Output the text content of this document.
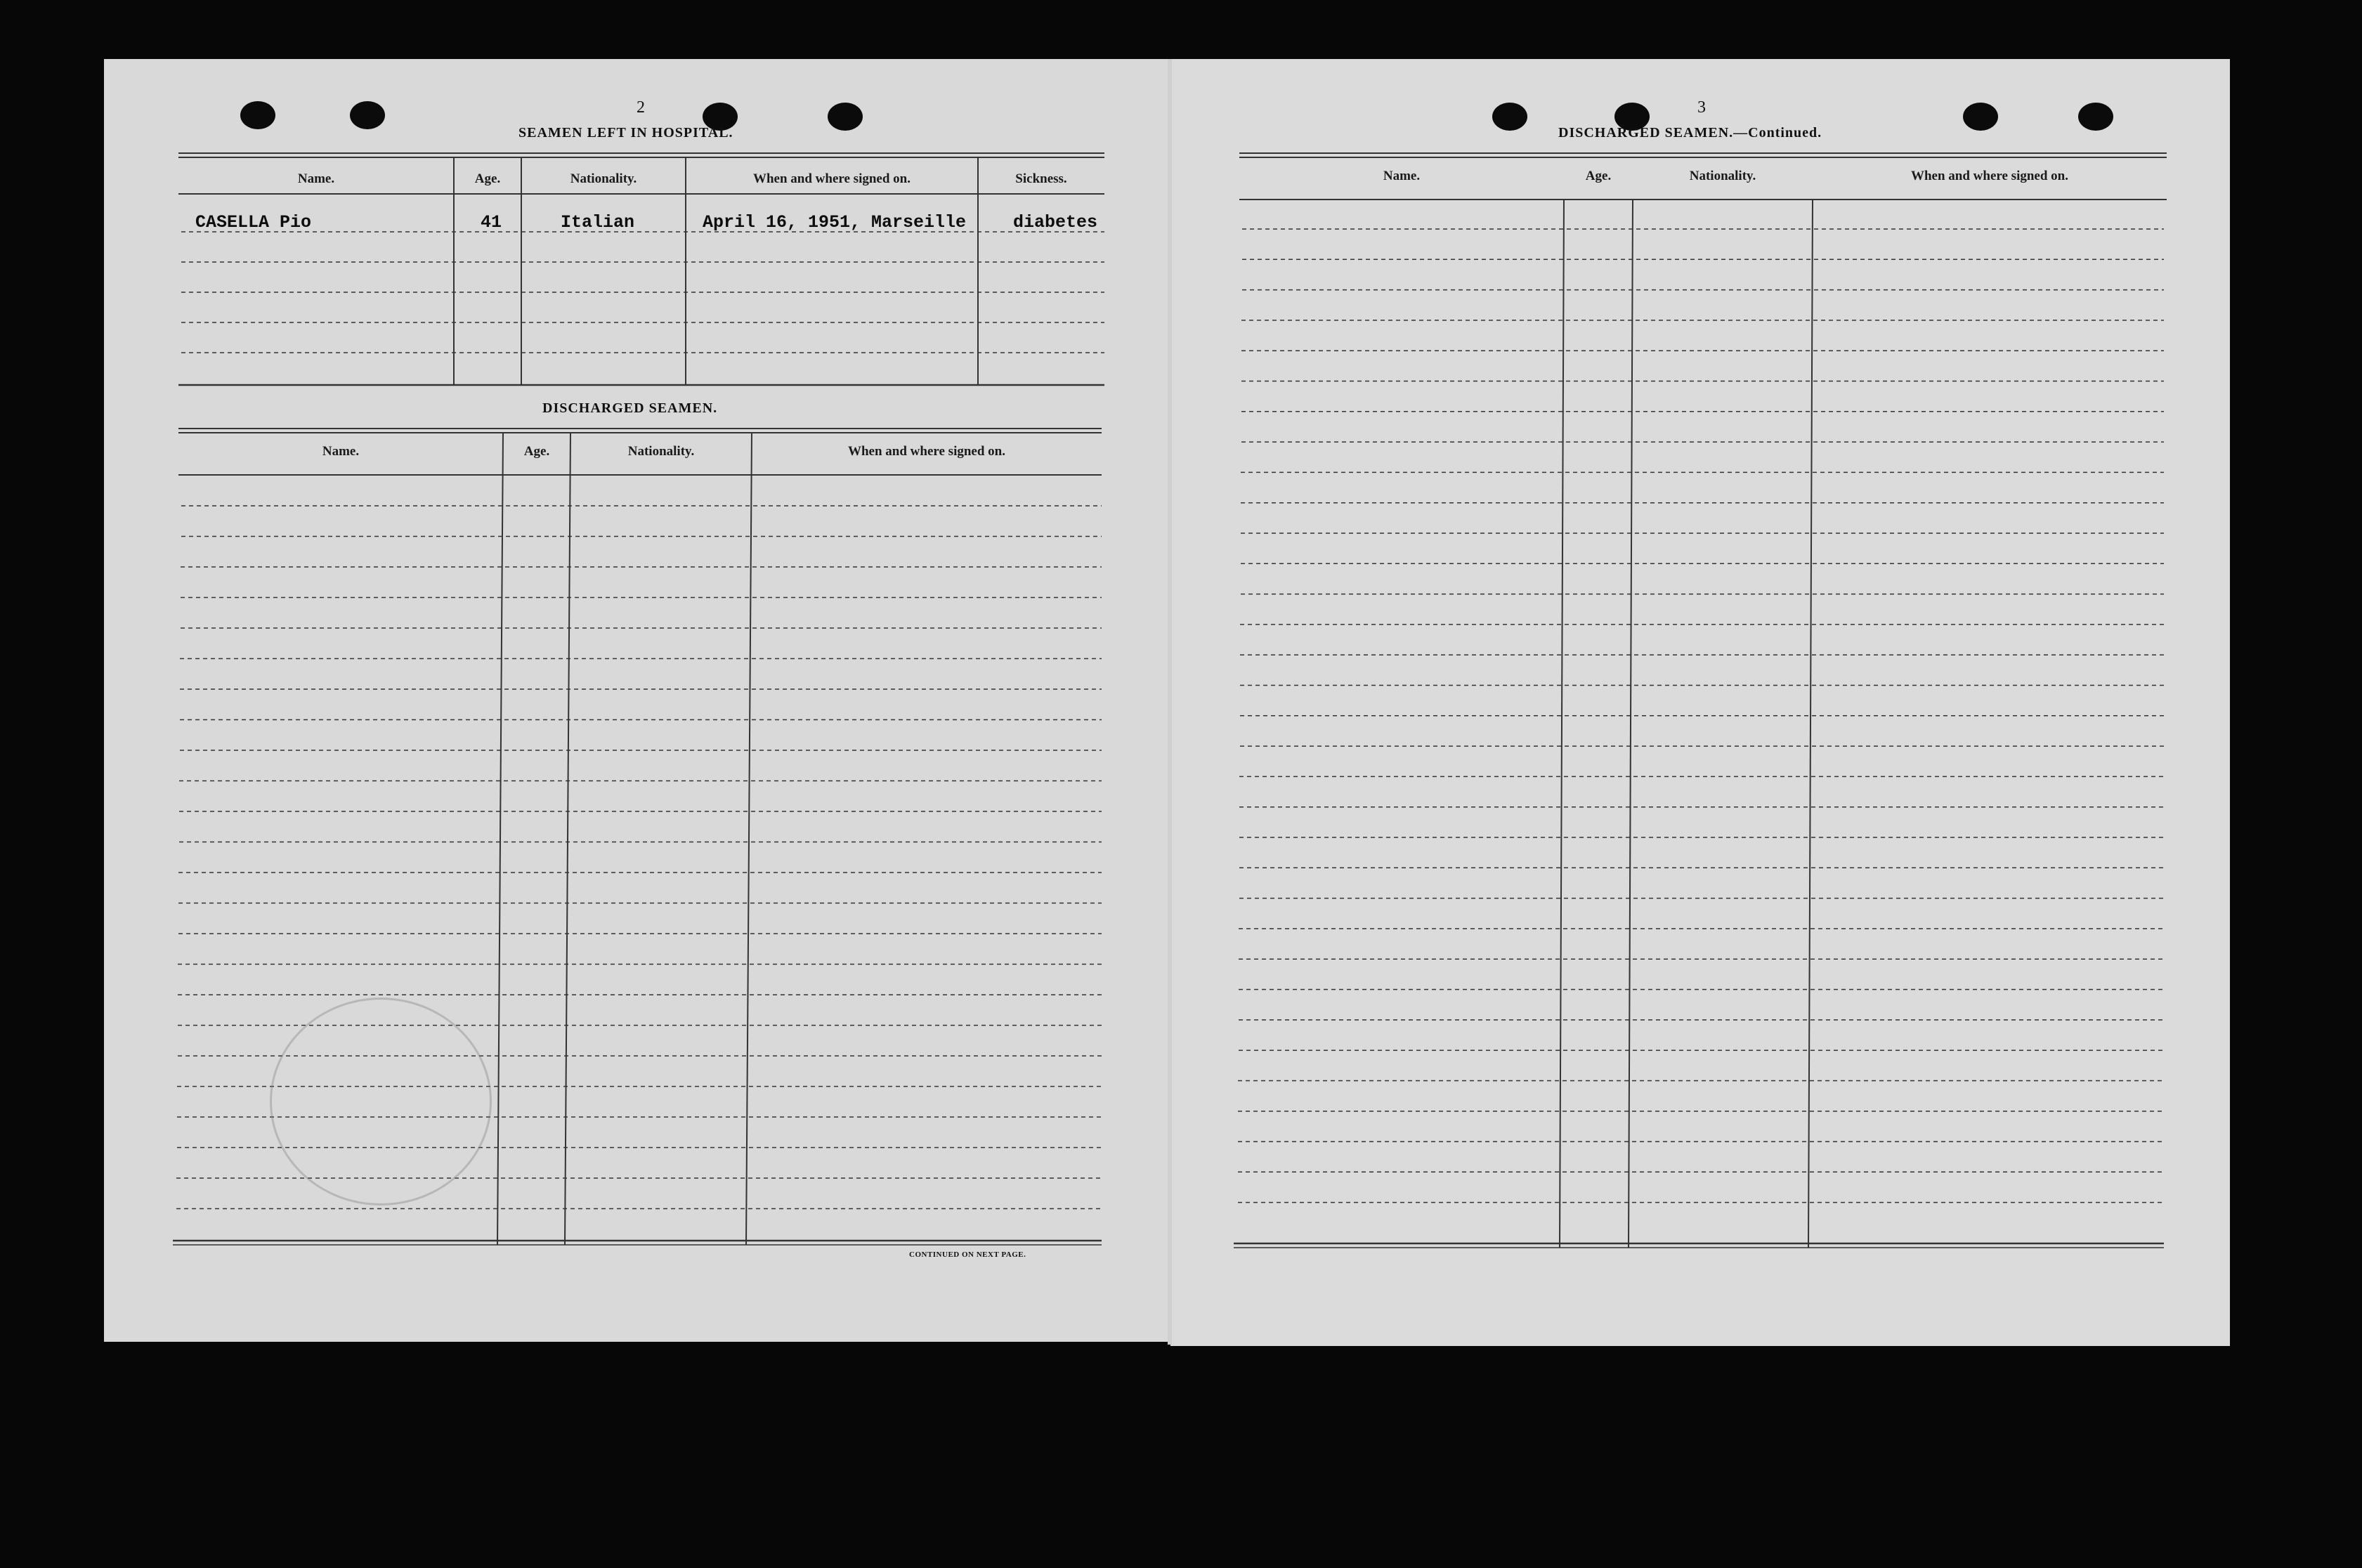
2
SEAMEN LEFT IN HOSPITAL.
Name.	Age.	Nationality.	When and where signed on.	Sickness.
CASELLA Pio	41	Italian	April 16, 1951, Marseille	diabetes
DISCHARGED SEAMEN.
Name.	Age.	Nationality.	When and where signed on.
CONTINUED ON NEXT PAGE.
3
DISCHARGED SEAMEN.—Continued.
Name.	Age.	Nationality.	When and where signed on.
